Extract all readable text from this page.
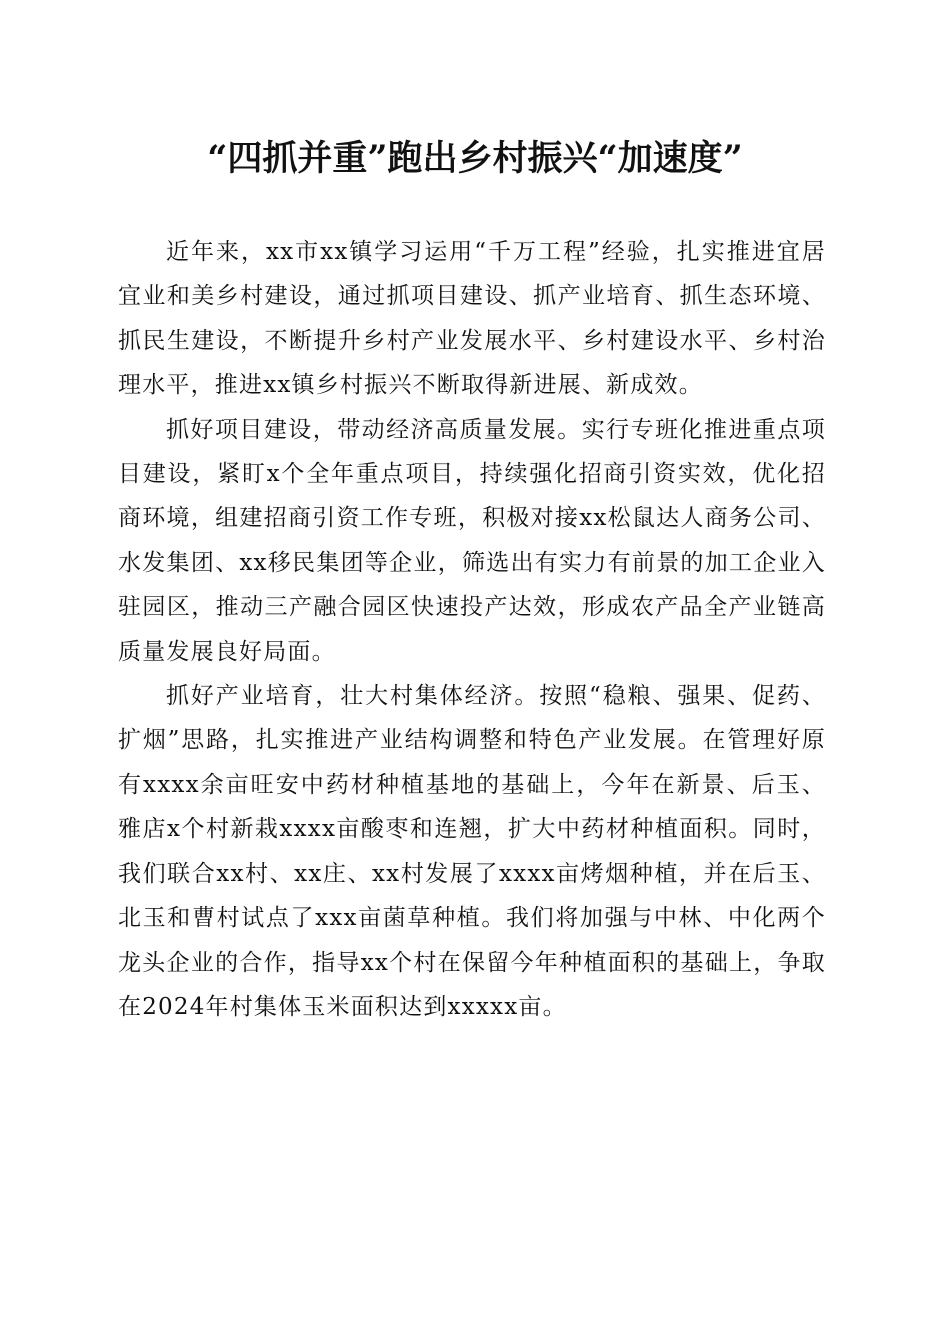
“四抓并重”跑出乡村振兴“加速度”

近年来，xx市xx镇学习运用“千万工程”经验，扎实推进宜居宜业和美乡村建设，通过抓项目建设、抓产业培育、抓生态环境、抓民生建设，不断提升乡村产业发展水平、乡村建设水平、乡村治理水平，推进xx镇乡村振兴不断取得新进展、新成效。

抓好项目建设，带动经济高质量发展。实行专班化推进重点项目建设，紧盯x个全年重点项目，持续强化招商引资实效，优化招商环境，组建招商引资工作专班，积极对接xx松鼠达人商务公司、水发集团、xx移民集团等企业，筛选出有实力有前景的加工企业入驻园区，推动三产融合园区快速投产达效，形成农产品全产业链高质量发展良好局面。

抓好产业培育，壮大村集体经济。按照“稳粮、强果、促药、扩烟”思路，扎实推进产业结构调整和特色产业发展。在管理好原有xxxx余亩旺安中药材种植基地的基础上，今年在新景、后玉、雅店x个村新栽xxxx亩酸枣和连翘，扩大中药材种植面积。同时，我们联合xx村、xx庄、xx村发展了xxxx亩烤烟种植，并在后玉、北玉和曹村试点了xxx亩菌草种植。我们将加强与中林、中化两个龙头企业的合作，指导xx个村在保留今年种植面积的基础上，争取在2024年村集体玉米面积达到xxxxx亩。
